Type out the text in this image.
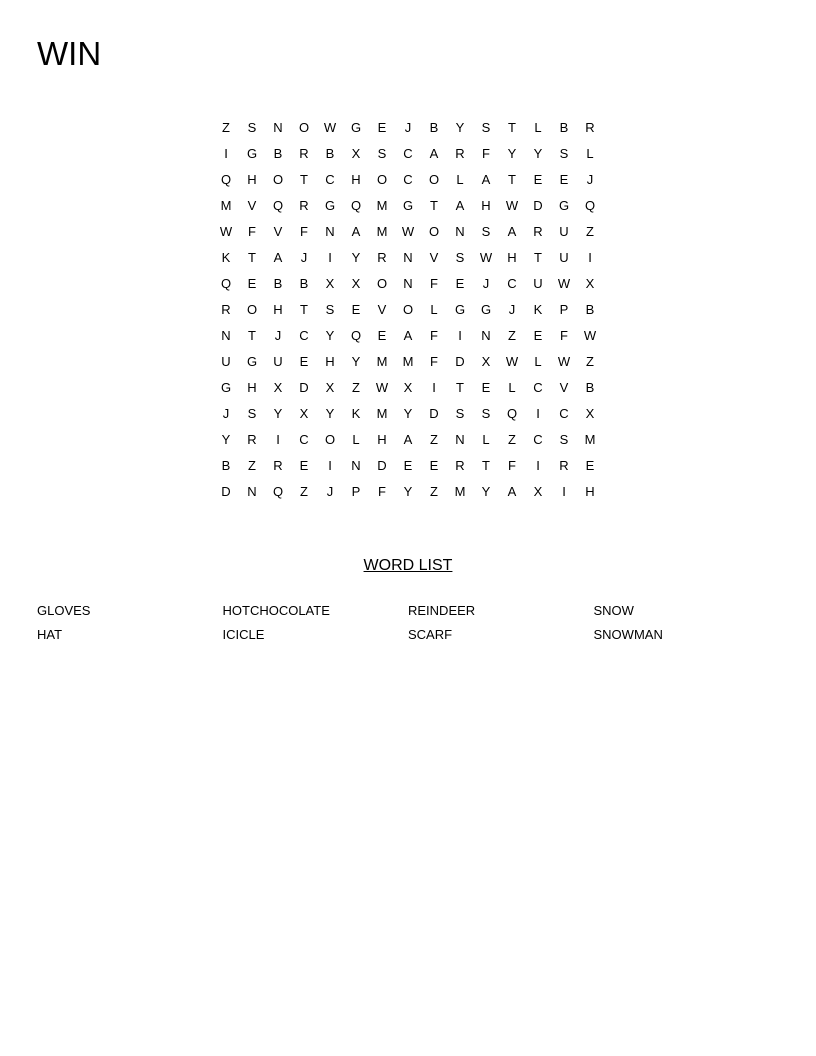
WIN
Z	S	N	O	W	G	E	J	B	Y	S	T	L	B	R
I	G	B	R	B	X	S	C	A	R	F	Y	Y	S	L
Q	H	O	T	C	H	O	C	O	L	A	T	E	E	J
M	V	Q	R	G	Q	M	G	T	A	H	W	D	G	Q
W	F	V	F	N	A	M	W	O	N	S	A	R	U	Z
K	T	A	J	I	Y	R	N	V	S	W	H	T	U	I
Q	E	B	B	X	X	O	N	F	E	J	C	U	W	X
R	O	H	T	S	E	V	O	L	G	G	J	K	P	B
N	T	J	C	Y	Q	E	A	F	I	N	Z	E	F	W
U	G	U	E	H	Y	M	M	F	D	X	W	L	W	Z
G	H	X	D	X	Z	W	X	I	T	E	L	C	V	B
J	S	Y	X	Y	K	M	Y	D	S	S	Q	I	C	X
Y	R	I	C	O	L	H	A	Z	N	L	Z	C	S	M
B	Z	R	E	I	N	D	E	E	R	T	F	I	R	E
D	N	Q	Z	J	P	F	Y	Z	M	Y	A	X	I	H
WORD LIST
GLOVES	HOTCHOCOLATE	REINDEER	SNOW
HAT	ICICLE	SCARF	SNOWMAN
